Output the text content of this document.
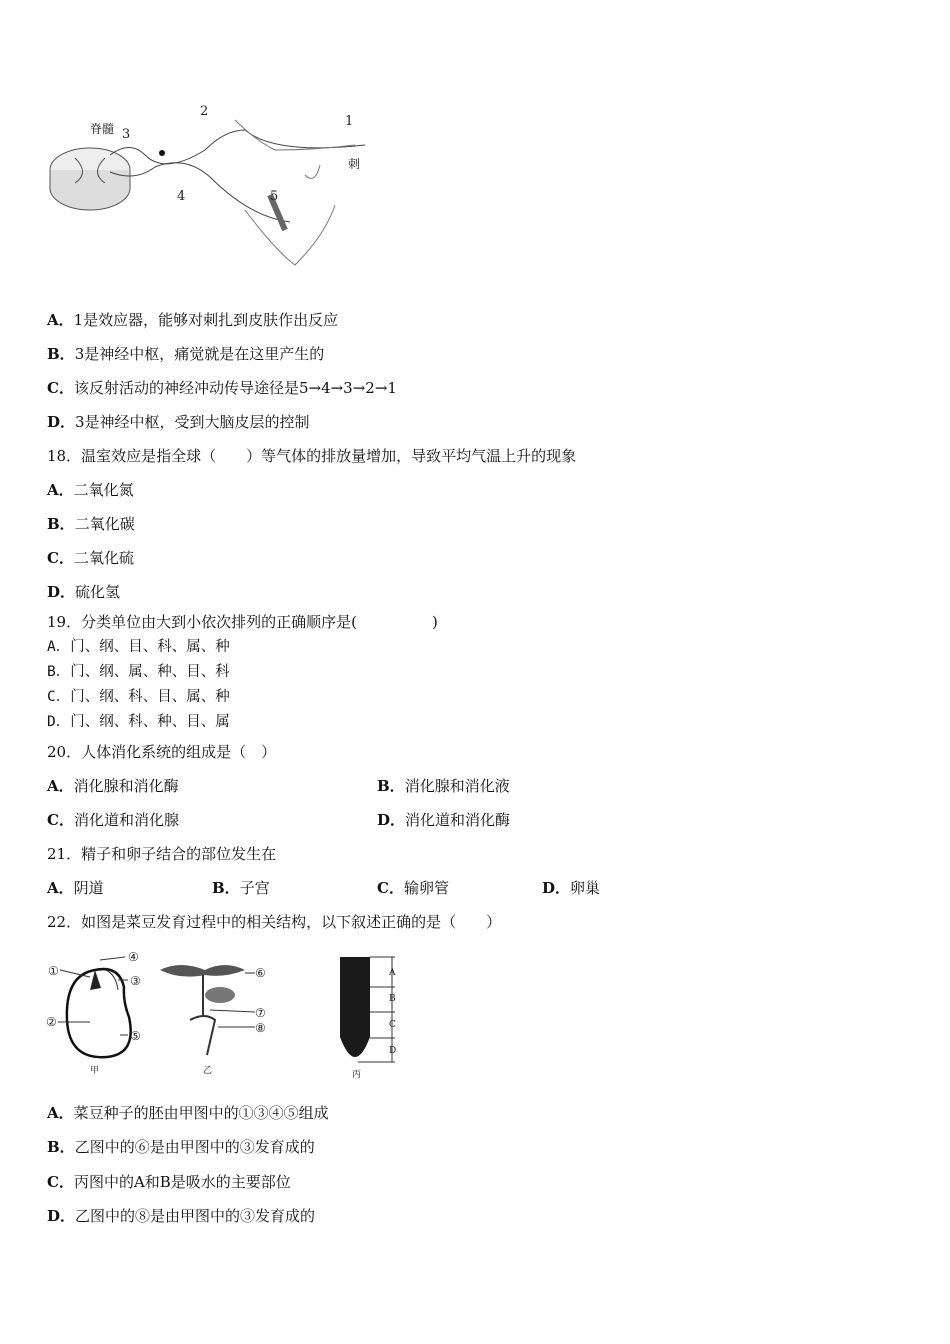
脊髓	1
2
3
4	5
刺
A．1是效应器，能够对刺扎到皮肤作出反应
B．3是神经中枢，痛觉就是在这里产生的
C．该反射活动的神经冲动传导途径是5→4→3→2→1
D．3是神经中枢，受到大脑皮层的控制
18．温室效应是指全球（　　）等气体的排放量增加，导致平均气温上升的现象
A．二氧化氮
B．二氧化碳
C．二氧化硫
D．硫化氢
19．分类单位由大到小依次排列的正确顺序是(　　　　　)
A．门、纲、目、科、属、种
B．门、纲、属、种、目、科
C．门、纲、科、目、属、种
D．门、纲、科、种、目、属
20．人体消化系统的组成是（　）
A．消化腺和消化酶	B．消化腺和消化液
C．消化道和消化腺	D．消化道和消化酶
21．精子和卵子结合的部位发生在
A．阴道	B．子宫	C．输卵管	D．卵巢
22．如图是菜豆发育过程中的相关结构，以下叙述正确的是（　　）
①
②
③
④
⑤
甲
⑥
⑦
⑧
乙
A
B
C
D
丙
A．菜豆种子的胚由甲图中的①③④⑤组成
B．乙图中的⑥是由甲图中的③发育成的
C．丙图中的A和B是吸水的主要部位
D．乙图中的⑧是由甲图中的③发育成的
